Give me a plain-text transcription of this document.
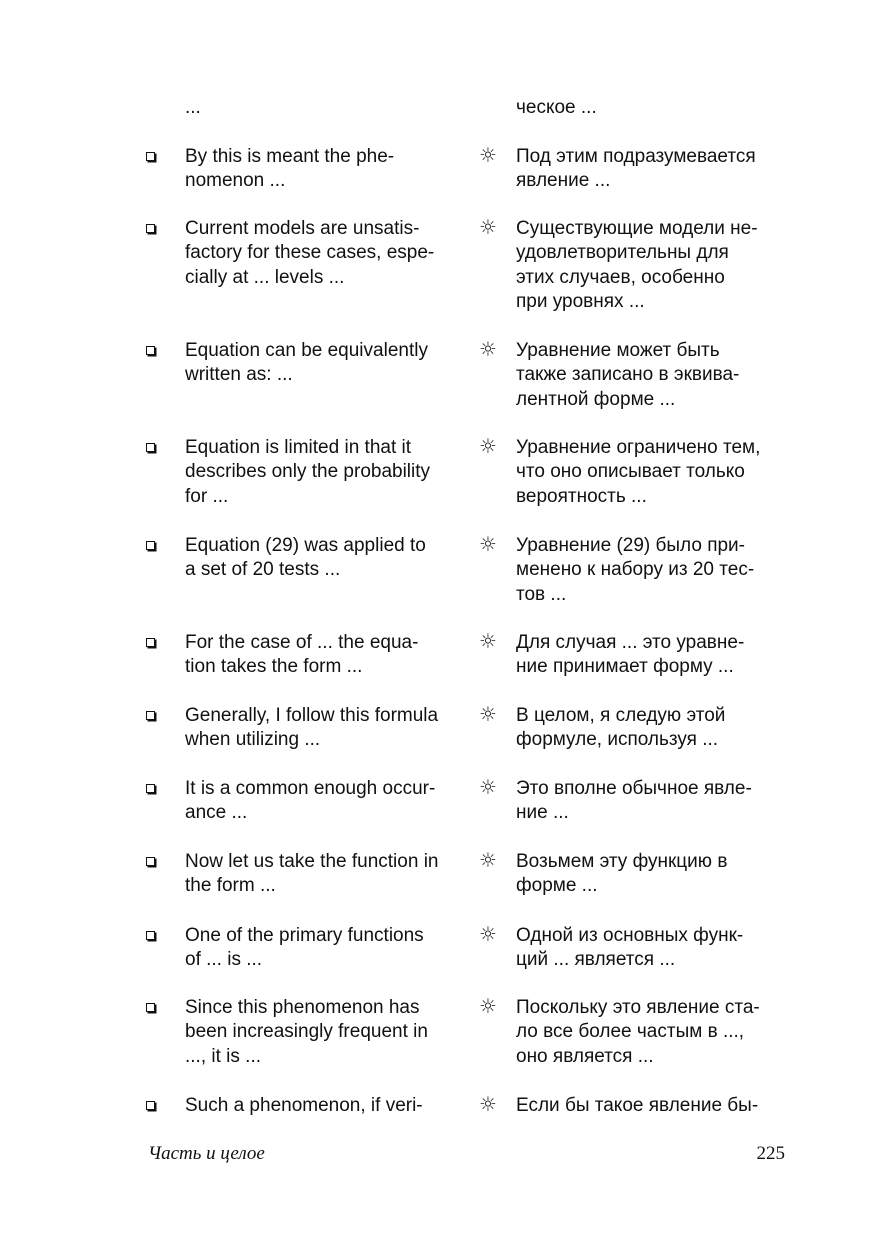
...	ческое ...
By this is meant the phe-
nomenon ...
☼ Под этим подразумевается
явление ...
Current models are unsatis-
factory for these cases, espe-
cially at ... levels ...
☼ Существующие модели не-
удовлетворительны для
этих случаев, особенно
при уровнях ...
Equation can be equivalently
written as: ...
☼ Уравнение может быть
также записано в эквива-
лентной форме ...
Equation is limited in that it
describes only the probability
for ...
☼ Уравнение ограничено тем,
что оно описывает только
вероятность ...
Equation (29) was applied to
a set of 20 tests ...
☼ Уравнение (29) было при-
менено к набору из 20 тес-
тов ...
For the case of ... the equa-
tion takes the form ...
☼ Для случая ... это уравне-
ние принимает форму ...
Generally, I follow this formula
when utilizing ...
☼ В целом, я следую этой
формуле, используя ...
It is a common enough occur-
ance ...
☼ Это вполне обычное явле-
ние ...
Now let us take the function in
the form ...
☼ Возьмем эту функцию в
форме ...
One of the primary functions
of ... is ...
☼ Одной из основных функ-
ций ... является ...
Since this phenomenon has
been increasingly frequent in
..., it is ...
☼ Поскольку это явление ста-
ло все более частым в ...,
оно является ...
Such a phenomenon, if veri-	☼ Если бы такое явление бы-
Часть и целое	225
